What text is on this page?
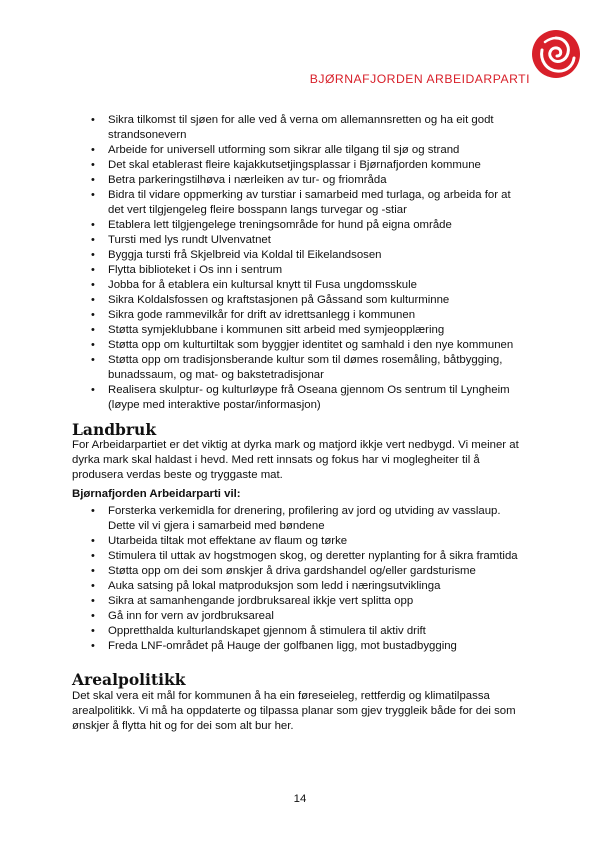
BJØRNAFJORDEN ARBEIDARPARTI
• Sikra tilkomst til sjøen for alle ved å verna om allemannsretten og ha eit godt strandsonevern
• Arbeide for universell utforming som sikrar alle tilgang til sjø og strand
• Det skal etablerast fleire kajakkutsetjingsplassar i Bjørnafjorden kommune
• Betra parkeringstilhøva i nærleiken av tur- og friområda
• Bidra til vidare oppmerking av turstiar i samarbeid med turlaga, og arbeida for at det vert tilgjengeleg fleire bosspann langs turvegar og -stiar
• Etablera lett tilgjengelege treningsområde for hund på eigna område
• Tursti med lys rundt Ulvenvatnet
• Byggja tursti frå Skjelbreid via Koldal til Eikelandsosen
• Flytta biblioteket i Os inn i sentrum
• Jobba for å etablera ein kultursal knytt til Fusa ungdomsskule
• Sikra Koldalsfossen og kraftstasjonen på Gåssand som kulturminne
• Sikra gode rammevilkår for drift av idrettsanlegg i kommunen
• Støtta symjeklubbane i kommunen sitt arbeid med symjeopplæring
• Støtta opp om kulturtiltak som byggjer identitet og samhald i den nye kommunen
• Støtta opp om tradisjonsberande kultur som til dømes rosemåling, båtbygging, bunadssaum, og mat- og bakstetradisjonar
• Realisera skulptur- og kulturløype frå Oseana gjennom Os sentrum til Lyngheim (løype med interaktive postar/informasjon)
Landbruk
For Arbeidarpartiet er det viktig at dyrka mark og matjord ikkje vert nedbygd. Vi meiner at dyrka mark skal haldast i hevd. Med rett innsats og fokus har vi moglegheiter til å produsera verdas beste og tryggaste mat.
Bjørnafjorden Arbeidarparti vil:
• Forsterka verkemidla for drenering, profilering av jord og utviding av vasslaup. Dette vil vi gjera i samarbeid med bøndene
• Utarbeida tiltak mot effektane av flaum og tørke
• Stimulera til uttak av hogstmogen skog, og deretter nyplanting for å sikra framtida
• Støtta opp om dei som ønskjer å driva gardshandel og/eller gardsturisme
• Auka satsing på lokal matproduksjon som ledd i næringsutviklinga
• Sikra at samanhengande jordbruksareal ikkje vert splitta opp
• Gå inn for vern av jordbruksareal
• Oppretthalda kulturlandskapet gjennom å stimulera til aktiv drift
• Freda LNF-området på Hauge der golfbanen ligg, mot bustadbygging
Arealpolitikk
Det skal vera eit mål for kommunen å ha ein føreseieleg, rettferdig og klimatilpassa arealpolitikk. Vi må ha oppdaterte og tilpassa planar som gjev tryggleik både for dei som ønskjer å flytta hit og for dei som alt bur her.
14
